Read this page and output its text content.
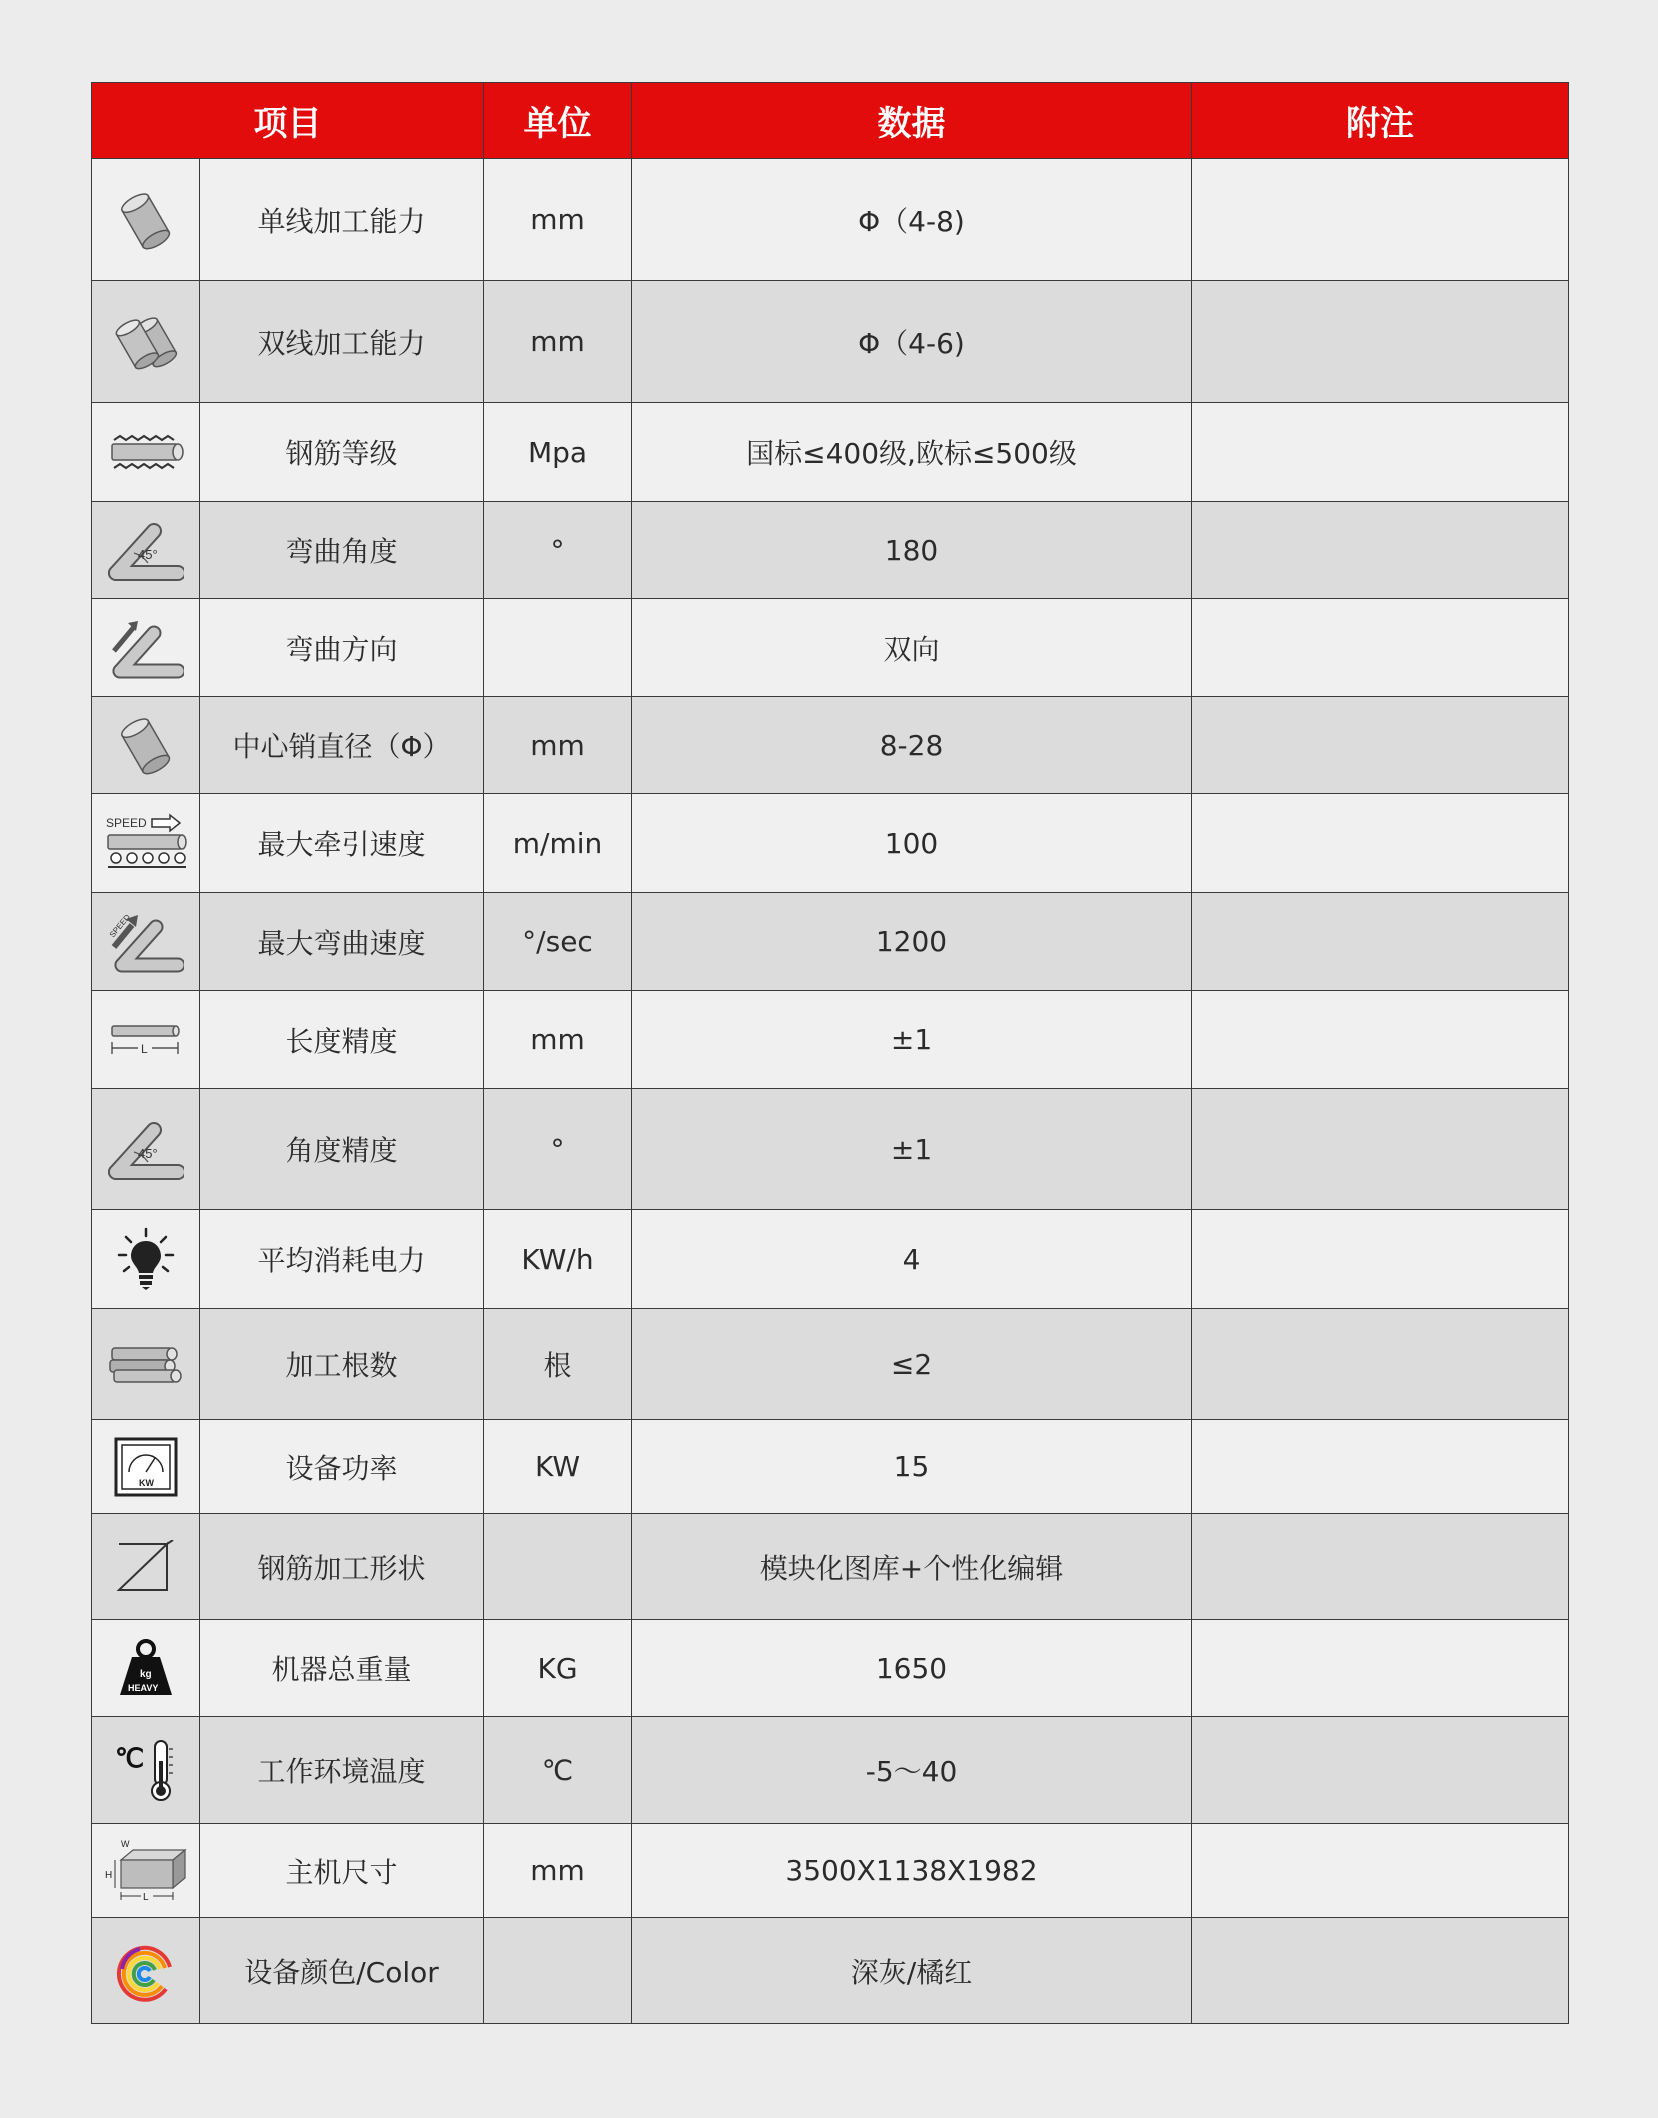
项目		单位	数据	附注

	单线加工能力	mm	Φ（4-8)	

	双线加工能力	mm	Φ（4-6)	

	钢筋等级	Mpa	国标≤400级,欧标≤500级	

45°	弯曲角度	°	180	

	弯曲方向		双向	

	中心销直径（Φ）	mm	8-28	

SPEED	最大牵引速度	m/min	100	

SPEED	最大弯曲速度	°/sec	1200	

L	长度精度	mm	±1	

45°	角度精度	°	±1	

	平均消耗电力	KW/h	4	

	加工根数	根	≤2	

KW	设备功率	KW	15	

	钢筋加工形状		模块化图库+个性化编辑	

kg
HEAVY	机器总重量	KG	1650	

℃	工作环境温度	℃	-5～40	

W
H
L	主机尺寸	mm	3500X1138X1982	

	设备颜色/Color		深灰/橘红	
